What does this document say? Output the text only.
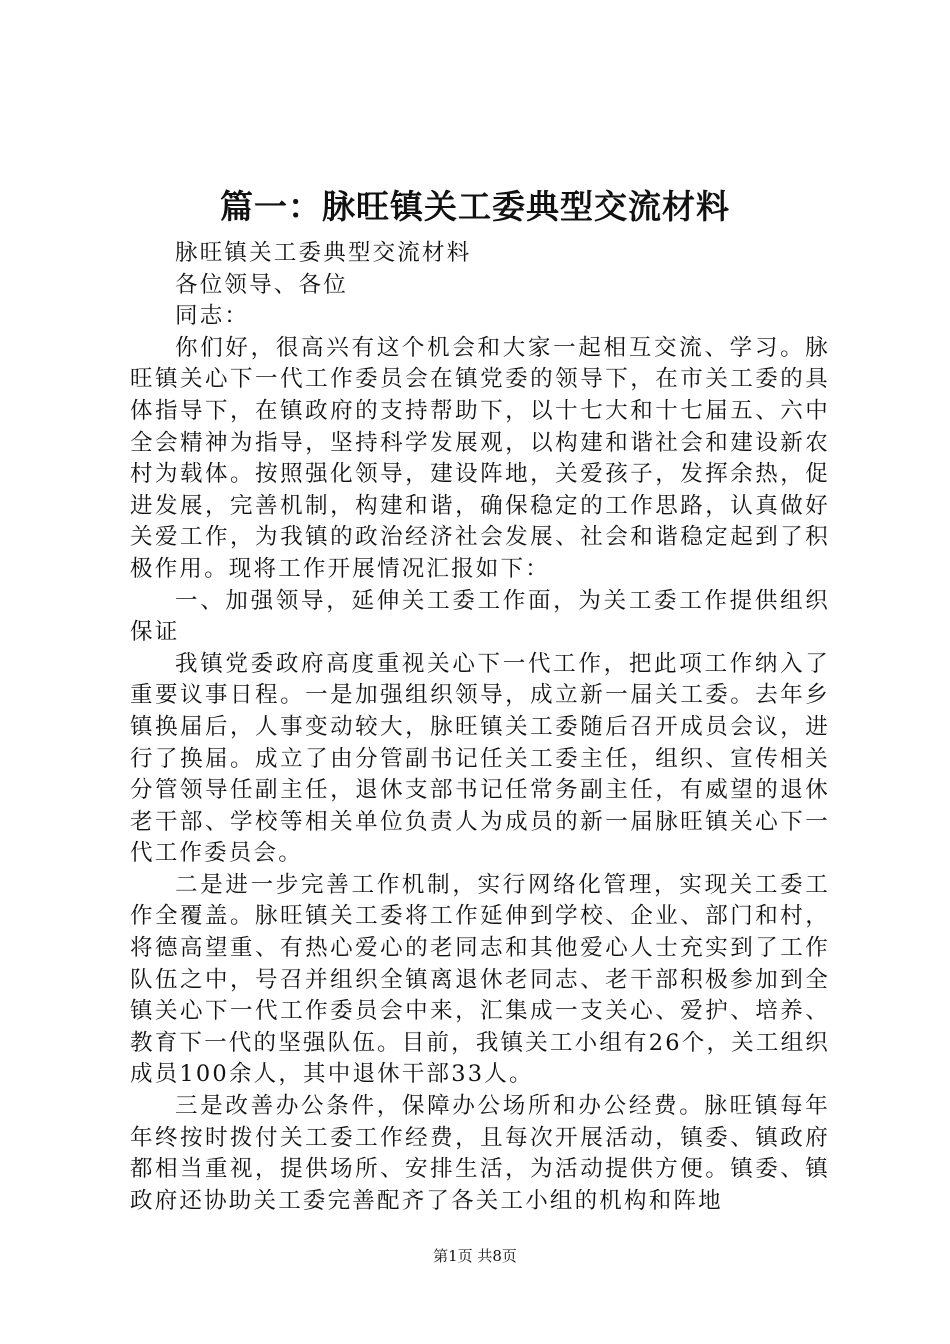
篇一：脉旺镇关工委典型交流材料

脉旺镇关工委典型交流材料

各位领导、各位

同志：

你们好，很高兴有这个机会和大家一起相互交流、学习。脉旺镇关心下一代工作委员会在镇党委的领导下，在市关工委的具体指导下，在镇政府的支持帮助下，以十七大和十七届五、六中全会精神为指导，坚持科学发展观，以构建和谐社会和建设新农村为载体。按照强化领导，建设阵地，关爱孩子，发挥余热，促进发展，完善机制，构建和谐，确保稳定的工作思路，认真做好关爱工作，为我镇的政治经济社会发展、社会和谐稳定起到了积极作用。现将工作开展情况汇报如下：

一、加强领导，延伸关工委工作面，为关工委工作提供组织保证

我镇党委政府高度重视关心下一代工作，把此项工作纳入了重要议事日程。一是加强组织领导，成立新一届关工委。去年乡镇换届后，人事变动较大，脉旺镇关工委随后召开成员会议，进行了换届。成立了由分管副书记任关工委主任，组织、宣传相关分管领导任副主任，退休支部书记任常务副主任，有威望的退休老干部、学校等相关单位负责人为成员的新一届脉旺镇关心下一代工作委员会。

二是进一步完善工作机制，实行网络化管理，实现关工委工作全覆盖。脉旺镇关工委将工作延伸到学校、企业、部门和村，将德高望重、有热心爱心的老同志和其他爱心人士充实到了工作队伍之中，号召并组织全镇离退休老同志、老干部积极参加到全镇关心下一代工作委员会中来，汇集成一支关心、爱护、培养、教育下一代的坚强队伍。目前，我镇关工小组有26个，关工组织成员100余人，其中退休干部33人。

三是改善办公条件，保障办公场所和办公经费。脉旺镇每年年终按时拨付关工委工作经费，且每次开展活动，镇委、镇政府都相当重视，提供场所、安排生活，为活动提供方便。镇委、镇政府还协助关工委完善配齐了各关工小组的机构和阵地

第1页 共8页
